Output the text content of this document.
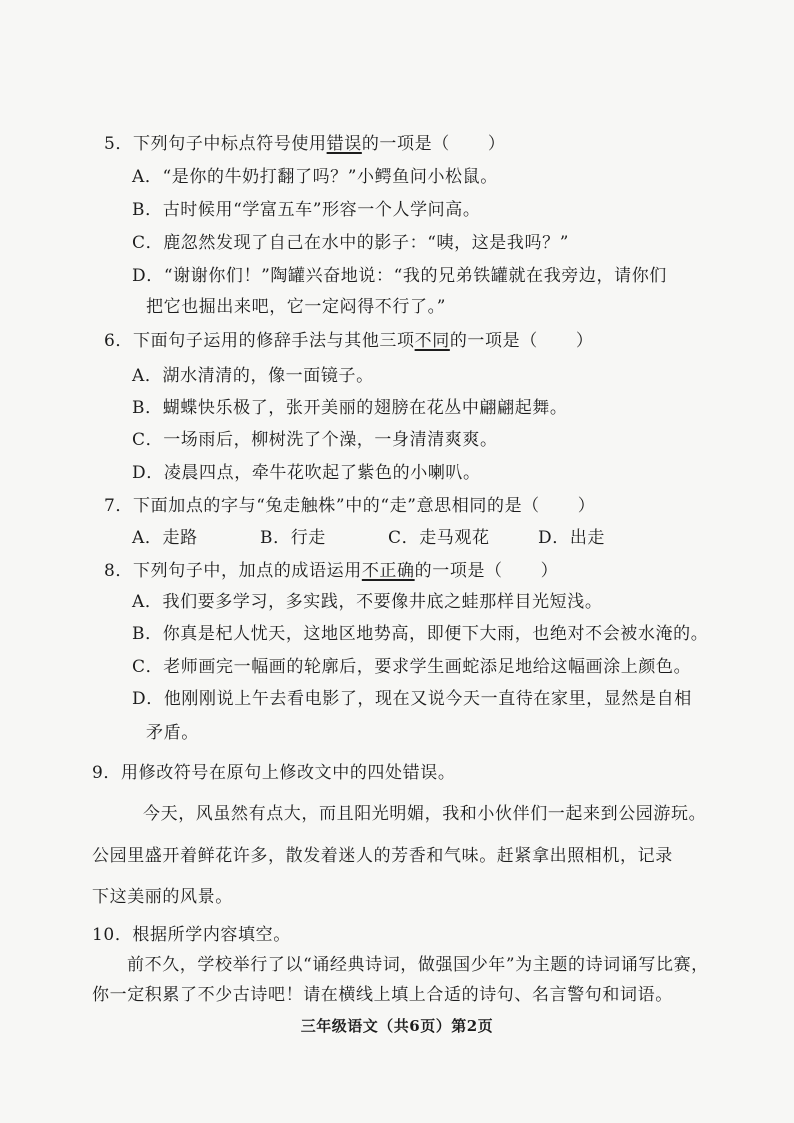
5．下列句子中标点符号使用错误的一项是（ ）
A．“是你的牛奶打翻了吗？”小鳄鱼问小松鼠。
B．古时候用“学富五车”形容一个人学问高。
C．鹿忽然发现了自己在水中的影子：“咦，这是我吗？”
D．“谢谢你们！”陶罐兴奋地说：“我的兄弟铁罐就在我旁边，请你们
把它也掘出来吧，它一定闷得不行了。”
6．下面句子运用的修辞手法与其他三项不同的一项是（ ）
A．湖水清清的，像一面镜子。
B．蝴蝶快乐极了，张开美丽的翅膀在花丛中翩翩起舞。
C．一场雨后，柳树洗了个澡，一身清清爽爽。
D．凌晨四点，牵牛花吹起了紫色的小喇叭。
7．下面加点的字与“兔走触株”中的“走”意思相同的是（ ）
A．走路	B．行走	C．走马观花	D．出走
8．下列句子中，加点的成语运用不正确的一项是（ ）
A．我们要多学习，多实践，不要像井底之蛙那样目光短浅。
B．你真是杞人忧天，这地区地势高，即便下大雨，也绝对不会被水淹的。
C．老师画完一幅画的轮廓后，要求学生画蛇添足地给这幅画涂上颜色。
D．他刚刚说上午去看电影了，现在又说今天一直待在家里，显然是自相
矛盾。
9．用修改符号在原句上修改文中的四处错误。
今天，风虽然有点大，而且阳光明媚，我和小伙伴们一起来到公园游玩。
公园里盛开着鲜花许多，散发着迷人的芳香和气味。赶紧拿出照相机，记录
下这美丽的风景。
10．根据所学内容填空。
前不久，学校举行了以“诵经典诗词，做强国少年”为主题的诗词诵写比赛，
你一定积累了不少古诗吧！请在横线上填上合适的诗句、名言警句和词语。
三年级语文（共6页）第2页
